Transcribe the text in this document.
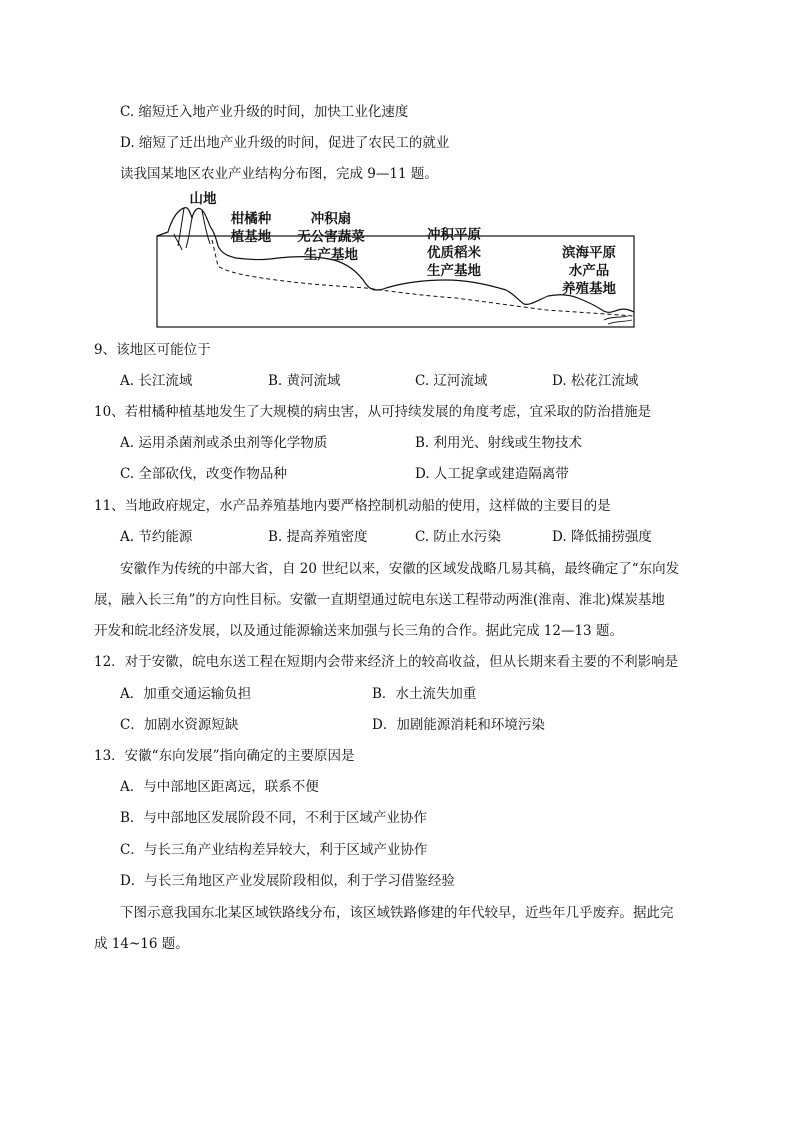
C. 缩短迁入地产业升级的时间，加快工业化速度
D. 缩短了迁出地产业升级的时间，促进了农民工的就业
读我国某地区农业产业结构分布图，完成 9—11 题。
山地
柑橘种
植基地
冲积扇
无公害蔬菜
生产基地
冲积平原
优质稻米
生产基地
滨海平原
水产品
养殖基地
9、该地区可能位于
A. 长江流域	B. 黄河流域	C. 辽河流域	D. 松花江流域
10、若柑橘种植基地发生了大规模的病虫害，从可持续发展的角度考虑，宜采取的防治措施是
A. 运用杀菌剂或杀虫剂等化学物质	B. 利用光、射线或生物技术
C. 全部砍伐，改变作物品种	D. 人工捉拿或建造隔离带
11、当地政府规定，水产品养殖基地内要严格控制机动船的使用，这样做的主要目的是
A. 节约能源	B. 提高养殖密度	C. 防止水污染	D. 降低捕捞强度
安徽作为传统的中部大省，自 20 世纪以来，安徽的区域发战略几易其稿，最终确定了“东向发
展，融入长三角”的方向性目标。安徽一直期望通过皖电东送工程带动两淮(淮南、淮北)煤炭基地
开发和皖北经济发展，以及通过能源输送来加强与长三角的合作。据此完成 12—13 题。
12．对于安徽，皖电东送工程在短期内会带来经济上的较高收益，但从长期来看主要的不利影响是
A．加重交通运输负担	B．水土流失加重
C．加剧水资源短缺	D．加剧能源消耗和环境污染
13．安徽“东向发展”指向确定的主要原因是
A．与中部地区距离远，联系不便
B．与中部地区发展阶段不同，不利于区域产业协作
C．与长三角产业结构差异较大，利于区域产业协作
D．与长三角地区产业发展阶段相似，利于学习借鉴经验
下图示意我国东北某区域铁路线分布，该区域铁路修建的年代较早，近些年几乎废弃。据此完
成 14~16 题。
